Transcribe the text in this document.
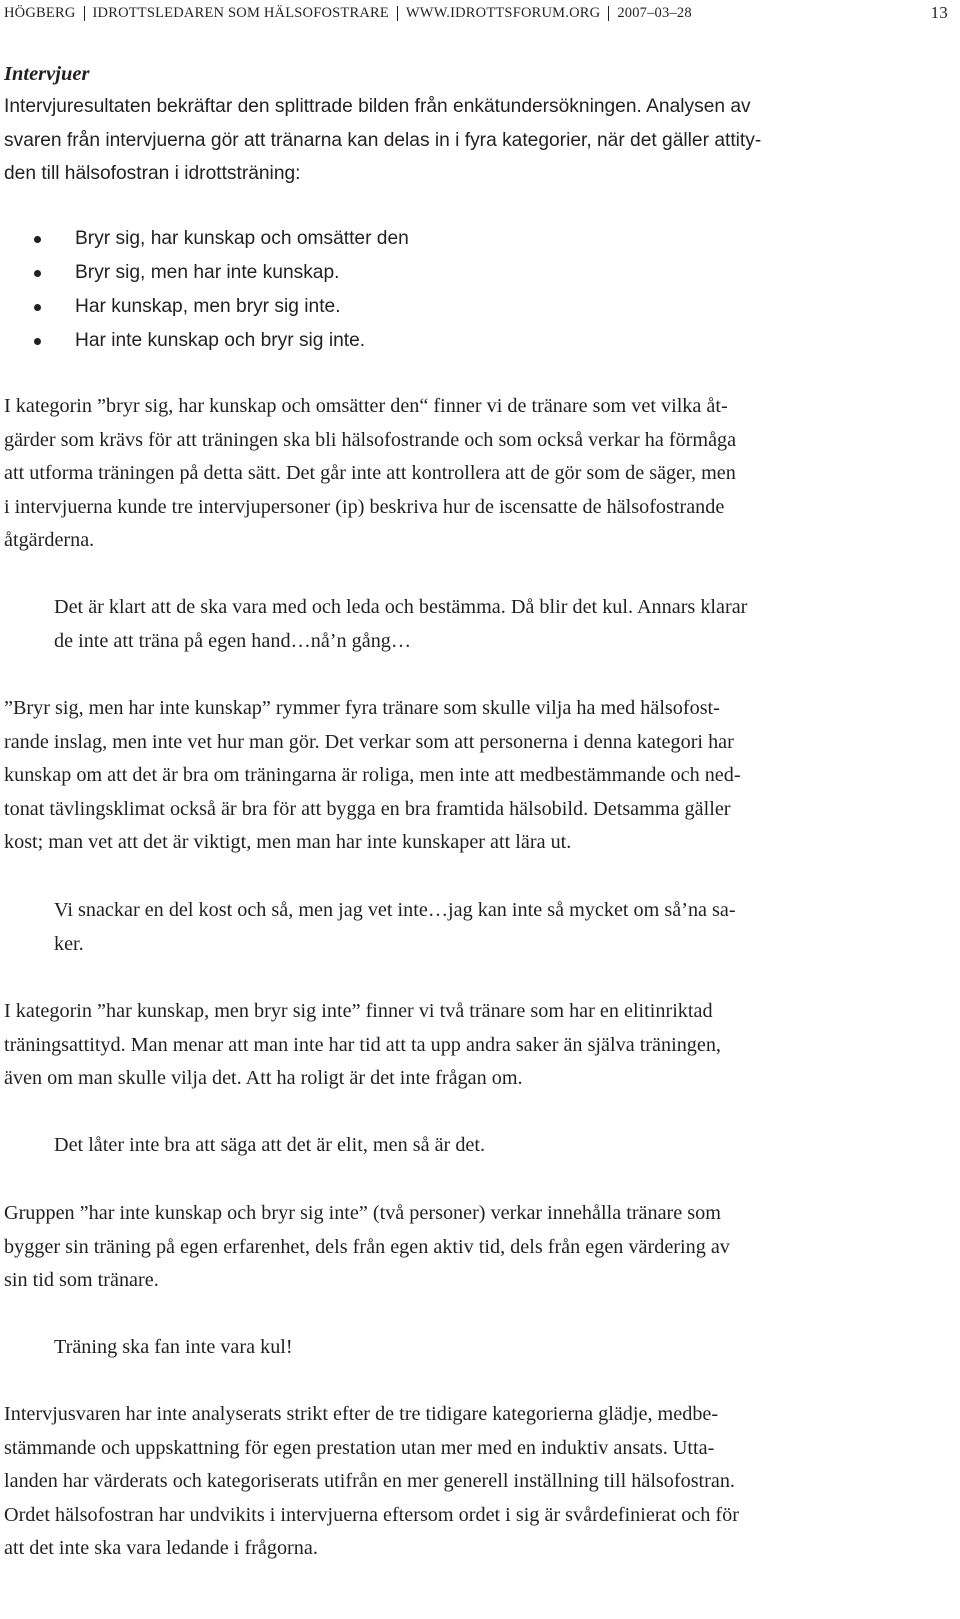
HÖGBERG IDROTTSLEDAREN SOM HÄLSOFOSTRARE WWW.IDROTTSFORUM.ORG 2007–03–28	13
Intervjuer
Intervjuresultaten bekräftar den splittrade bilden från enkätundersökningen. Analysen av
svaren från intervjuerna gör att tränarna kan delas in i fyra kategorier, när det gäller attity-
den till hälsofostran i idrottsträning:
Bryr sig, har kunskap och omsätter den
Bryr sig, men har inte kunskap.
Har kunskap, men bryr sig inte.
Har inte kunskap och bryr sig inte.
I kategorin ”bryr sig, har kunskap och omsätter den“ finner vi de tränare som vet vilka åt-
gärder som krävs för att träningen ska bli hälsofostrande och som också verkar ha förmåga
att utforma träningen på detta sätt. Det går inte att kontrollera att de gör som de säger, men
i intervjuerna kunde tre intervjupersoner (ip) beskriva hur de iscensatte de hälsofostrande
åtgärderna.
Det är klart att de ska vara med och leda och bestämma. Då blir det kul. Annars klarar
de inte att träna på egen hand…nå’n gång…
”Bryr sig, men har inte kunskap” rymmer fyra tränare som skulle vilja ha med hälsofost-
rande inslag, men inte vet hur man gör. Det verkar som att personerna i denna kategori har
kunskap om att det är bra om träningarna är roliga, men inte att medbestämmande och ned-
tonat tävlingsklimat också är bra för att bygga en bra framtida hälsobild. Detsamma gäller
kost; man vet att det är viktigt, men man har inte kunskaper att lära ut.
Vi snackar en del kost och så, men jag vet inte…jag kan inte så mycket om så’na sa-
ker.
I kategorin ”har kunskap, men bryr sig inte” finner vi två tränare som har en elitinriktad
träningsattityd. Man menar att man inte har tid att ta upp andra saker än själva träningen,
även om man skulle vilja det. Att ha roligt är det inte frågan om.
Det låter inte bra att säga att det är elit, men så är det.
Gruppen ”har inte kunskap och bryr sig inte” (två personer) verkar innehålla tränare som
bygger sin träning på egen erfarenhet, dels från egen aktiv tid, dels från egen värdering av
sin tid som tränare.
Träning ska fan inte vara kul!
Intervjusvaren har inte analyserats strikt efter de tre tidigare kategorierna glädje, medbe-
stämmande och uppskattning för egen prestation utan mer med en induktiv ansats. Utta-
landen har värderats och kategoriserats utifrån en mer generell inställning till hälsofostran.
Ordet hälsofostran har undvikits i intervjuerna eftersom ordet i sig är svårdefinierat och för
att det inte ska vara ledande i frågorna.
